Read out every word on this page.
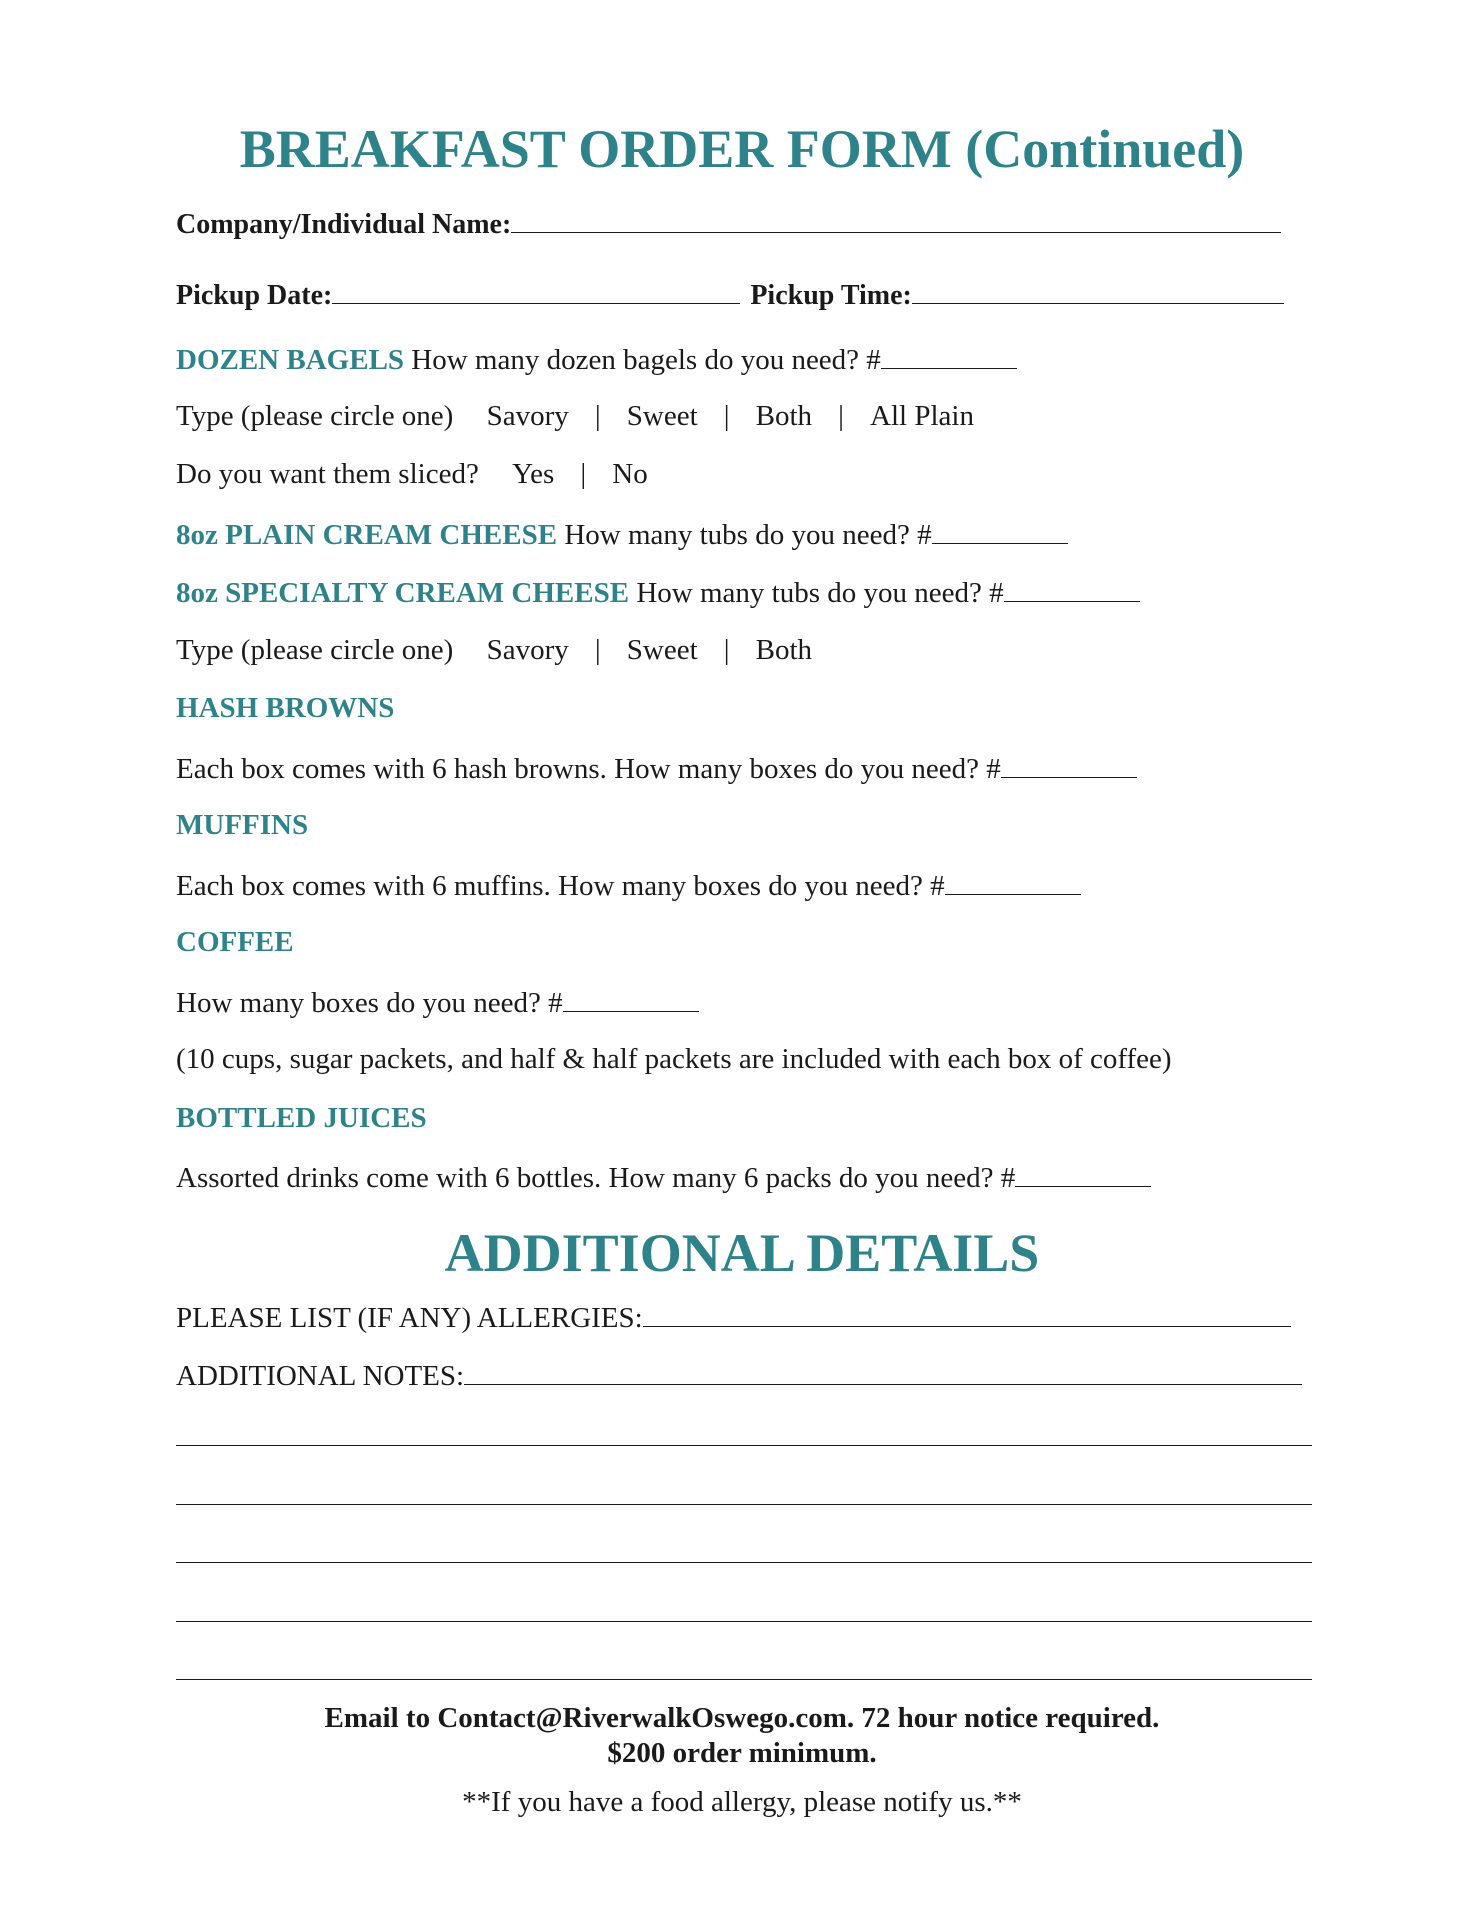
BREAKFAST ORDER FORM (Continued)
Company/Individual Name:
Pickup Date:	Pickup Time:
DOZEN BAGELS How many dozen bagels do you need? #
Type (please circle one) Savory | Sweet | Both | All Plain
Do you want them sliced? Yes | No
8oz PLAIN CREAM CHEESE How many tubs do you need? #
8oz SPECIALTY CREAM CHEESE How many tubs do you need? #
Type (please circle one) Savory | Sweet | Both
HASH BROWNS
Each box comes with 6 hash browns. How many boxes do you need? #
MUFFINS
Each box comes with 6 muffins. How many boxes do you need? #
COFFEE
How many boxes do you need? #
(10 cups, sugar packets, and half & half packets are included with each box of coffee)
BOTTLED JUICES
Assorted drinks come with 6 bottles. How many 6 packs do you need? #
ADDITIONAL DETAILS
PLEASE LIST (IF ANY) ALLERGIES:
ADDITIONAL NOTES:
Email to Contact@RiverwalkOswego.com. 72 hour notice required.
$200 order minimum.
**If you have a food allergy, please notify us.**
